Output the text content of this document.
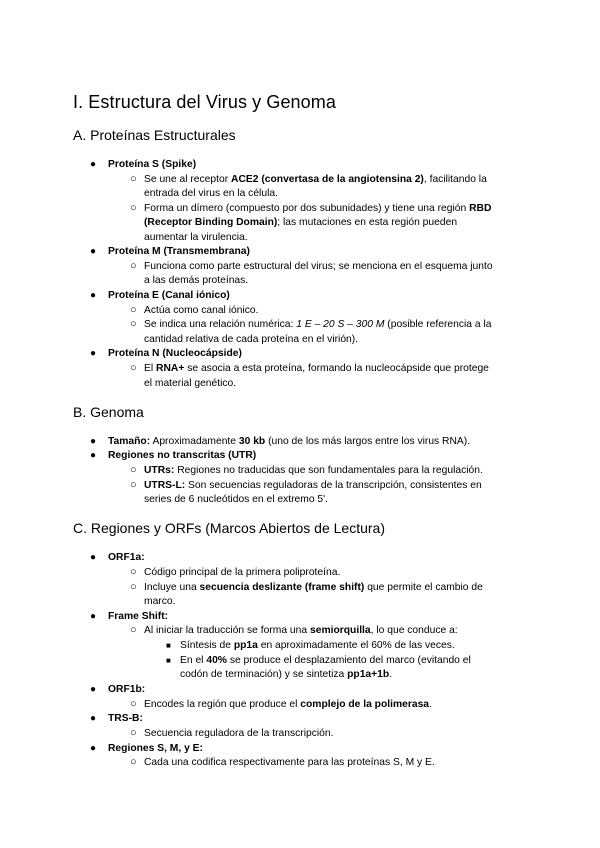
I. Estructura del Virus y Genoma
A. Proteínas Estructurales
● Proteína S (Spike)
○ Se une al receptor ACE2 (convertasa de la angiotensina 2), facilitando la
entrada del virus en la célula.
○ Forma un dímero (compuesto por dos subunidades) y tiene una región RBD
(Receptor Binding Domain); las mutaciones en esta región pueden
aumentar la virulencia.
● Proteína M (Transmembrana)
○ Funciona como parte estructural del virus; se menciona en el esquema junto
a las demás proteínas.
● Proteína E (Canal iónico)
○ Actúa como canal iónico.
○ Se indica una relación numérica: 1 E – 20 S – 300 M (posible referencia a la
cantidad relativa de cada proteína en el virión).
● Proteína N (Nucleocápside)
○ El RNA+ se asocia a esta proteína, formando la nucleocápside que protege
el material genético.
B. Genoma
● Tamaño: Aproximadamente 30 kb (uno de los más largos entre los virus RNA).
● Regiones no transcritas (UTR)
○ UTRs: Regiones no traducidas que son fundamentales para la regulación.
○ UTRS-L: Son secuencias reguladoras de la transcripción, consistentes en
series de 6 nucleótidos en el extremo 5'.
C. Regiones y ORFs (Marcos Abiertos de Lectura)
● ORF1a:
○ Código principal de la primera poliproteína.
○ Incluye una secuencia deslizante (frame shift) que permite el cambio de
marco.
● Frame Shift:
○ Al iniciar la traducción se forma una semiorquilla, lo que conduce a:
■ Síntesis de pp1a en aproximadamente el 60% de las veces.
■ En el 40% se produce el desplazamiento del marco (evitando el
codón de terminación) y se sintetiza pp1a+1b.
● ORF1b:
○ Encodes la región que produce el complejo de la polimerasa.
● TRS-B:
○ Secuencia reguladora de la transcripción.
● Regiones S, M, y E:
○ Cada una codifica respectivamente para las proteínas S, M y E.
